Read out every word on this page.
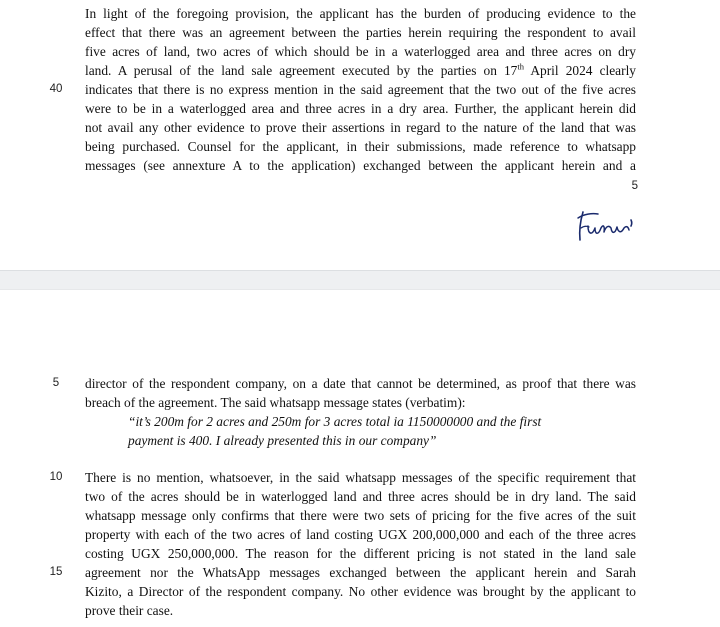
In light of the foregoing provision, the applicant has the burden of producing evidence to the
effect that there was an agreement between the parties herein requiring the respondent to avail
five acres of land, two acres of which should be in a waterlogged area and three acres on dry
land. A perusal of the land sale agreement executed by the parties on 17th April 2024 clearly
40	indicates that there is no express mention in the said agreement that the two out of the five acres
were to be in a waterlogged area and three acres in a dry area. Further, the applicant herein did
not avail any other evidence to prove their assertions in regard to the nature of the land that was
being purchased. Counsel for the applicant, in their submissions, made reference to whatsapp
messages (see annexture A to the application) exchanged between the applicant herein and a
5
5	director of the respondent company, on a date that cannot be determined, as proof that there was
breach of the agreement. The said whatsapp message states (verbatim):
“it’s 200m for 2 acres and 250m for 3 acres total ia 1150000000 and the first
payment is 400. I already presented this in our company”
10	There is no mention, whatsoever, in the said whatsapp messages of the specific requirement that
two of the acres should be in waterlogged land and three acres should be in dry land. The said
whatsapp message only confirms that there were two sets of pricing for the five acres of the suit
property with each of the two acres of land costing UGX 200,000,000 and each of the three acres
costing UGX 250,000,000. The reason for the different pricing is not stated in the land sale
15	agreement nor the WhatsApp messages exchanged between the applicant herein and Sarah
Kizito, a Director of the respondent company. No other evidence was brought by the applicant to
prove their case.
